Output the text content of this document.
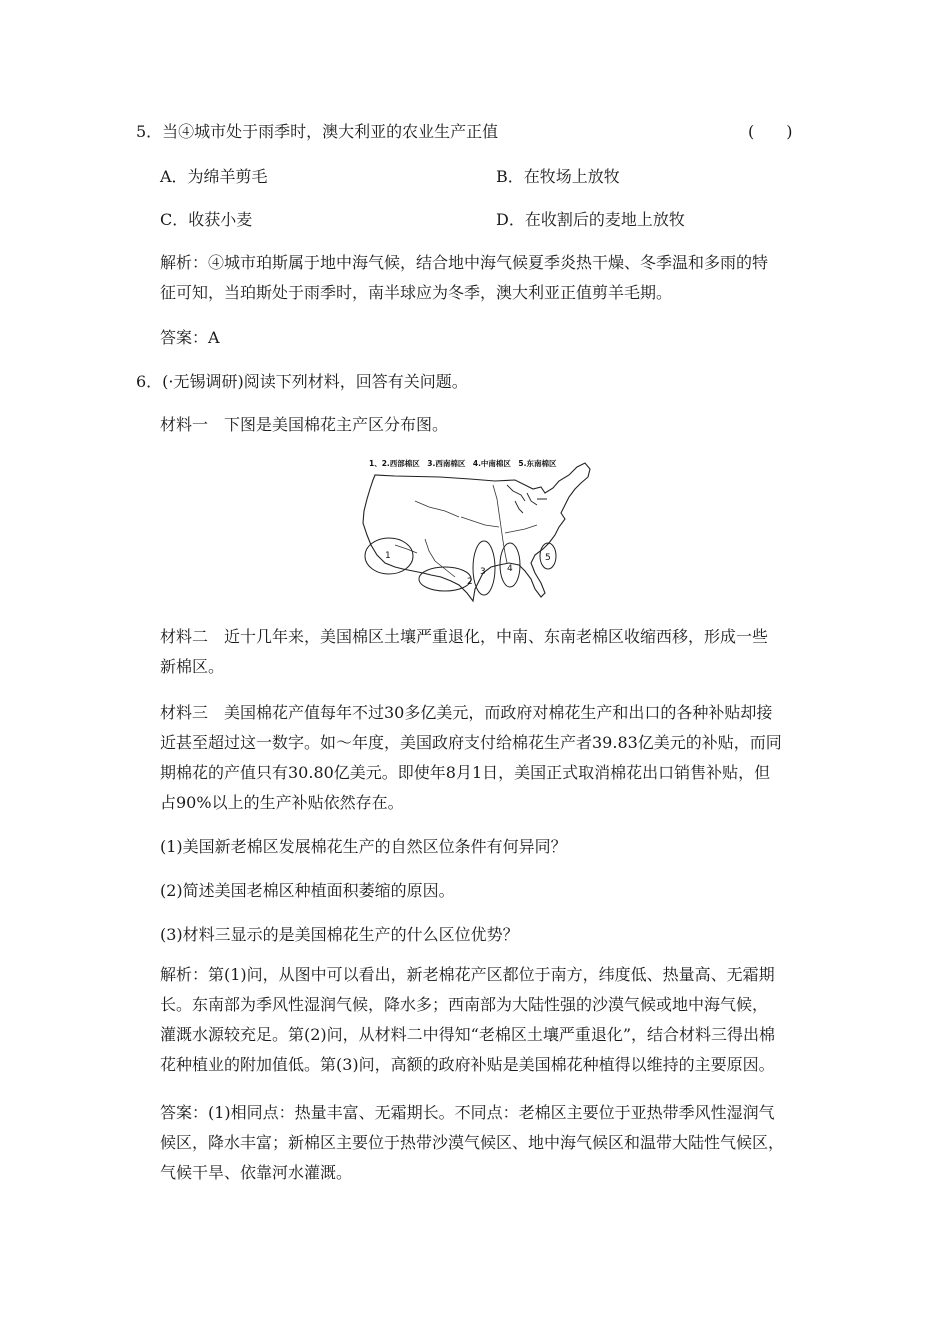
5．当④城市处于雨季时，澳大利亚的农业生产正值	(　　)
A．为绵羊剪毛	B．在牧场上放牧
C．收获小麦	D．在收割后的麦地上放牧
解析：④城市珀斯属于地中海气候，结合地中海气候夏季炎热干燥、冬季温和多雨的特
征可知，当珀斯处于雨季时，南半球应为冬季，澳大利亚正值剪羊毛期。
答案：A
6．(·无锡调研)阅读下列材料，回答有关问题。
材料一　下图是美国棉花主产区分布图。
1、2.西部棉区　3.西南棉区　4.中南棉区　5.东南棉区
1
2
3 4
5
材料二　近十几年来，美国棉区土壤严重退化，中南、东南老棉区收缩西移，形成一些
新棉区。
材料三　美国棉花产值每年不过30多亿美元，而政府对棉花生产和出口的各种补贴却接
近甚至超过这一数字。如～年度，美国政府支付给棉花生产者39.83亿美元的补贴，而同
期棉花的产值只有30.80亿美元。即使年8月1日，美国正式取消棉花出口销售补贴，但
占90%以上的生产补贴依然存在。
(1)美国新老棉区发展棉花生产的自然区位条件有何异同？
(2)简述美国老棉区种植面积萎缩的原因。
(3)材料三显示的是美国棉花生产的什么区位优势？
解析：第(1)问，从图中可以看出，新老棉花产区都位于南方，纬度低、热量高、无霜期
长。东南部为季风性湿润气候，降水多；西南部为大陆性强的沙漠气候或地中海气候，
灌溉水源较充足。第(2)问，从材料二中得知“老棉区土壤严重退化”，结合材料三得出棉
花种植业的附加值低。第(3)问，高额的政府补贴是美国棉花种植得以维持的主要原因。
答案：(1)相同点：热量丰富、无霜期长。不同点：老棉区主要位于亚热带季风性湿润气
候区，降水丰富；新棉区主要位于热带沙漠气候区、地中海气候区和温带大陆性气候区，
气候干旱、依靠河水灌溉。
